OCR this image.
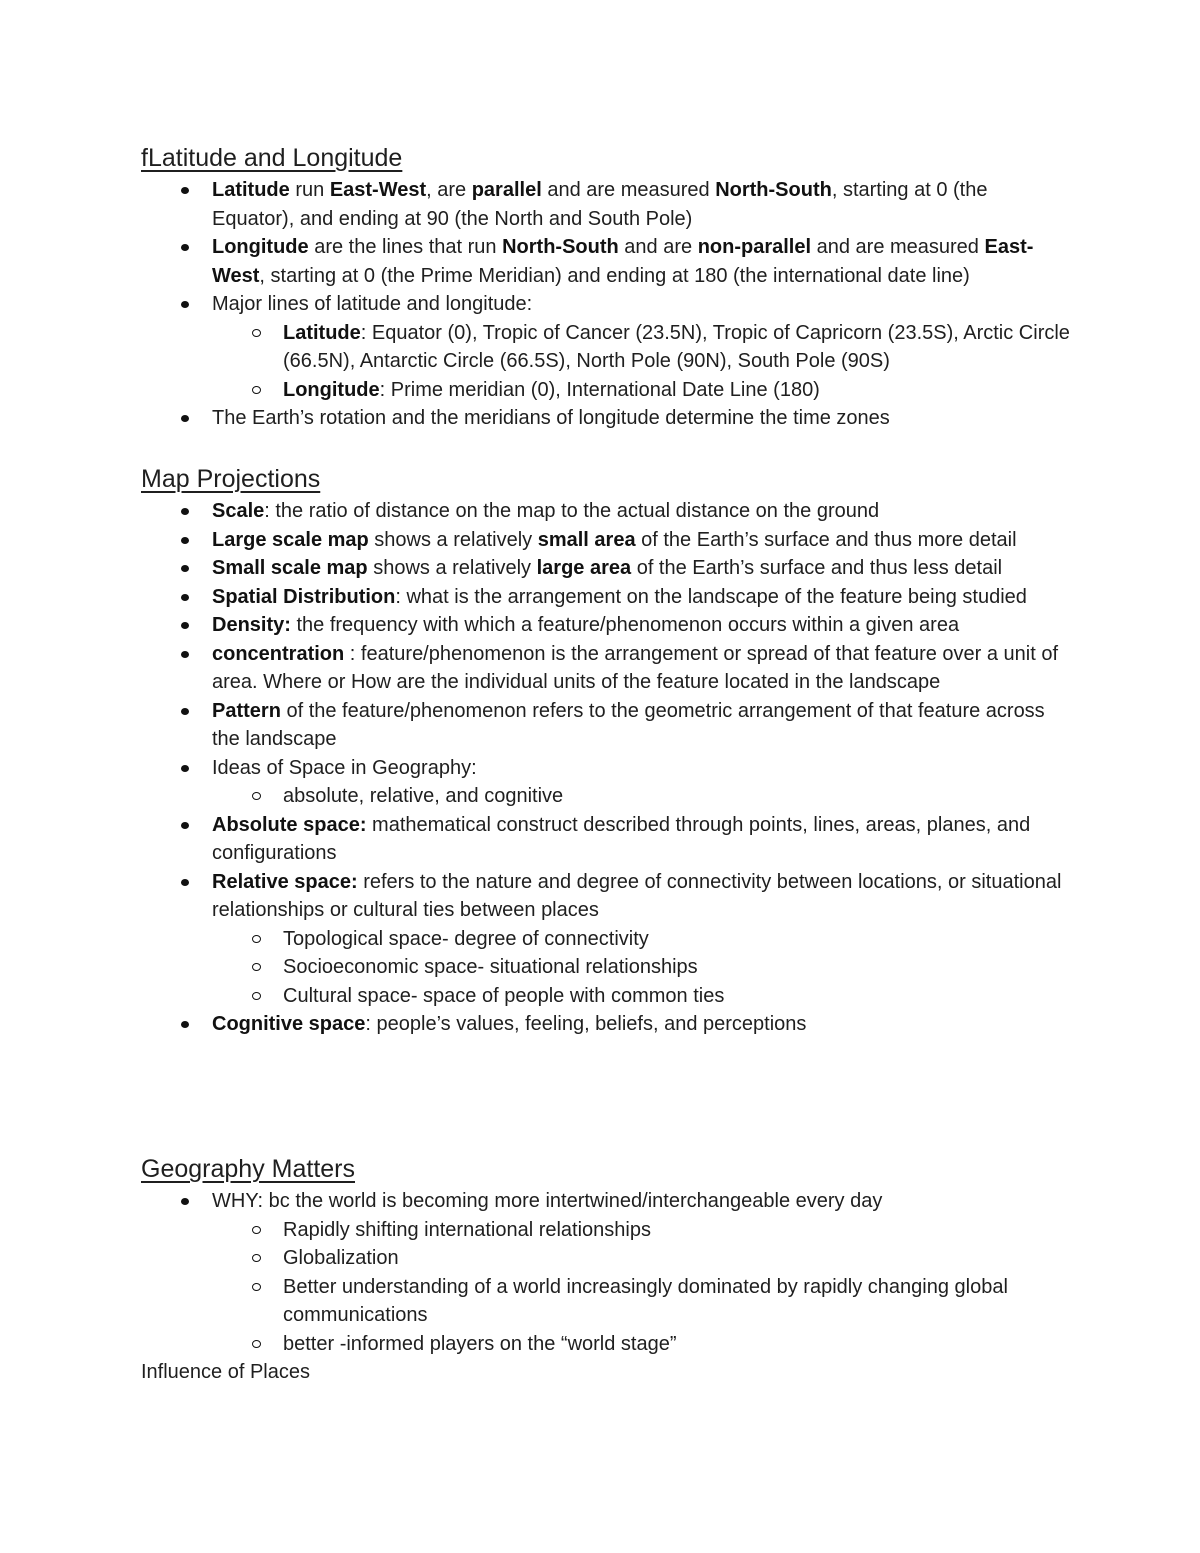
fLatitude and Longitude
Latitude run East-West, are parallel and are measured North-South, starting at 0 (the Equator), and ending at 90 (the North and South Pole)
Longitude are the lines that run North-South and are non-parallel and are measured East-West, starting at 0 (the Prime Meridian) and ending at 180 (the international date line)
Major lines of latitude and longitude:
Latitude: Equator (0), Tropic of Cancer (23.5N), Tropic of Capricorn (23.5S), Arctic Circle (66.5N), Antarctic Circle (66.5S), North Pole (90N), South Pole (90S)
Longitude: Prime meridian (0), International Date Line (180)
The Earth’s rotation and the meridians of longitude determine the time zones
Map Projections
Scale: the ratio of distance on the map to the actual distance on the ground
Large scale map shows a relatively small area of the Earth’s surface and thus more detail
Small scale map shows a relatively large area of the Earth’s surface and thus less detail
Spatial Distribution: what is the arrangement on the landscape of the feature being studied
Density: the frequency with which a feature/phenomenon occurs within a given area
concentration : feature/phenomenon is the arrangement or spread of that feature over a unit of area. Where or How are the individual units of the feature located in the landscape
Pattern of the feature/phenomenon refers to the geometric arrangement of that feature across the landscape
Ideas of Space in Geography:
absolute, relative, and cognitive
Absolute space: mathematical construct described through points, lines, areas, planes, and configurations
Relative space: refers to the nature and degree of connectivity between locations, or situational relationships or cultural ties between places
Topological space- degree of connectivity
Socioeconomic space- situational relationships
Cultural space- space of people with common ties
Cognitive space: people’s values, feeling, beliefs, and perceptions
Geography Matters
WHY: bc the world is becoming more intertwined/interchangeable every day
Rapidly shifting international relationships
Globalization
Better understanding of a world increasingly dominated by rapidly changing global communications
better -informed players on the “world stage”
Influence of Places
